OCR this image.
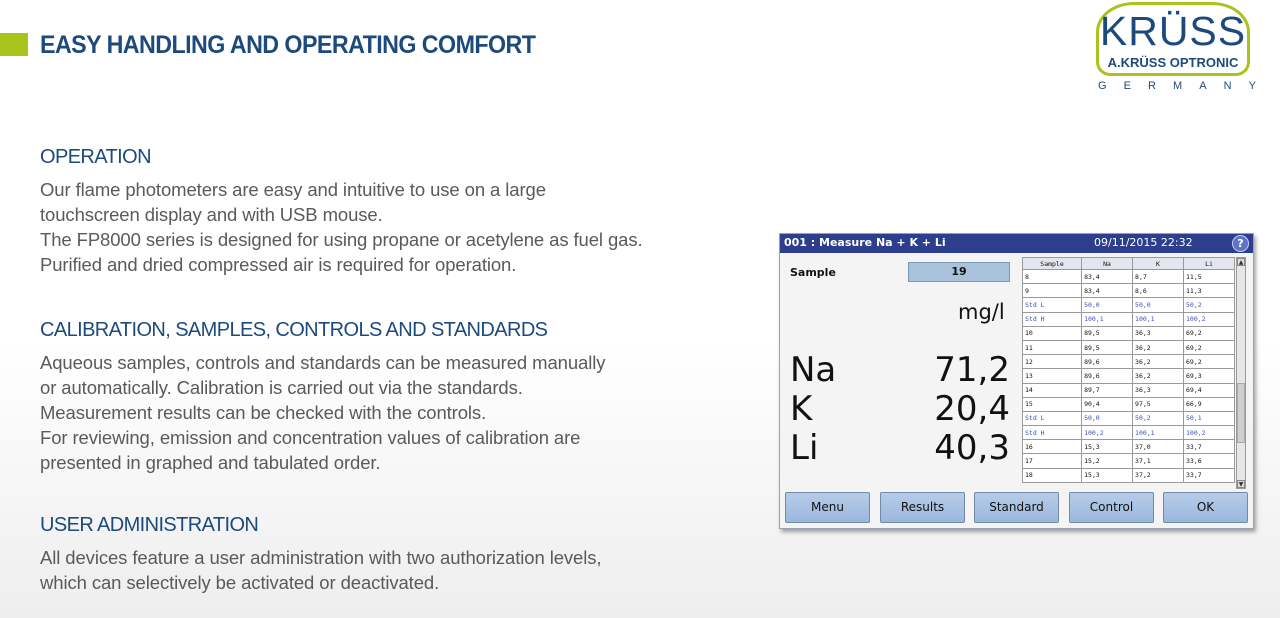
EASY HANDLING AND OPERATING COMFORT	KRÜSS
A.KRÜSS OPTRONIC
G E R M A N Y
OPERATION

Our flame photometers are easy and intuitive to use on a large
touchscreen display and with USB mouse.
The FP8000 series is designed for using propane or acetylene as fuel gas.
Purified and dried compressed air is required for operation.

CALIBRATION, SAMPLES, CONTROLS AND STANDARDS

Aqueous samples, controls and standards can be measured manually
or automatically. Calibration is carried out via the standards.
Measurement results can be checked with the controls.
For reviewing, emission and concentration values of calibration are
presented in graphed and tabulated order.

USER ADMINISTRATION

All devices feature a user administration with two authorization levels,
which can selectively be activated or deactivated.

001 : Measure Na + K + Li	09/11/2015 22:32	?
Sample	19
mg/l
Na	71,2
K	20,4
Li	40,3
Sample	Na	K	Li
8	83,4	8,7	11,5
9	83,4	8,6	11,3
Std L	50,0	50,0	50,2
Std H	100,1	100,1	100,2
10	89,5	36,3	69,2
11	89,5	36,2	69,2
12	89,6	36,2	69,2
13	89,6	36,2	69,3
14	89,7	36,3	69,4
15	90,4	97,5	66,9
Std L	50,0	50,2	50,1
Std H	100,2	100,1	100,2
16	15,3	37,0	33,7
17	15,2	37,1	33,6
18	15,3	37,2	33,7
▲
▼
Menu	Results	Standard	Control	OK
